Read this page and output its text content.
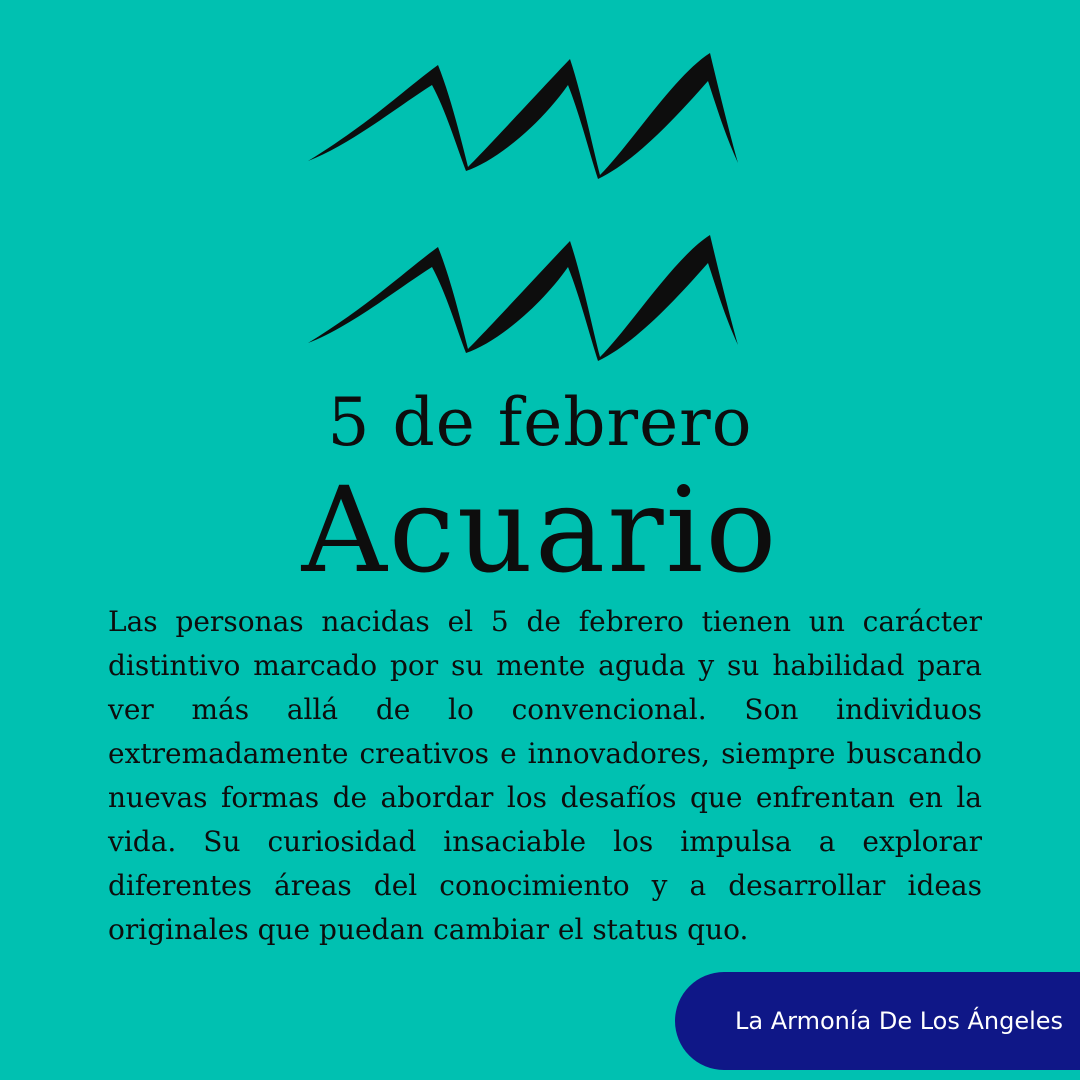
5 de febrero
Acuario

Las personas nacidas el 5 de febrero tienen un carácter distintivo marcado por su mente aguda y su habilidad para ver más allá de lo convencional. Son individuos extremadamente creativos e innovadores, siempre buscando nuevas formas de abordar los desafíos que enfrentan en la vida. Su curiosidad insaciable los impulsa a explorar diferentes áreas del conocimiento y a desarrollar ideas originales que puedan cambiar el status quo.

La Armonía De Los Ángeles
